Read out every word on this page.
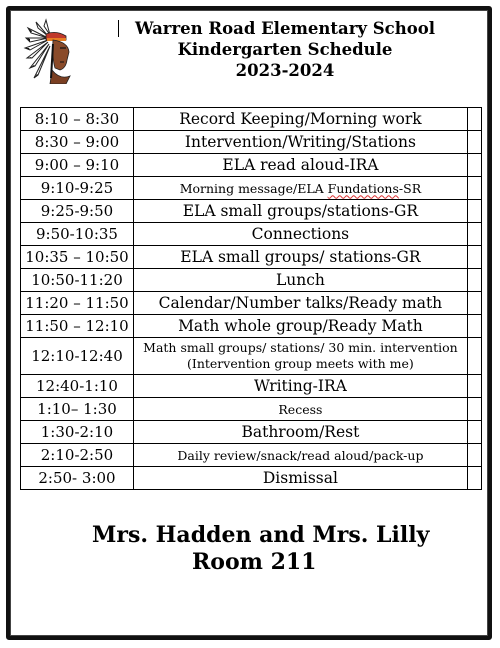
Warren Road Elementary School
Kindergarten Schedule
2023-2024
8:10 – 8:30	Record Keeping/Morning work	
8:30 – 9:00	Intervention/Writing/Stations	
9:00 – 9:10	ELA read aloud-IRA	
9:10-9:25	Morning message/ELA Fundations-SR	
9:25-9:50	ELA small groups/stations-GR	
9:50-10:35	Connections	
10:35 – 10:50	ELA small groups/ stations-GR	
10:50-11:20	Lunch	
11:20 – 11:50	Calendar/Number talks/Ready math	
11:50 – 12:10	Math whole group/Ready Math	
12:10-12:40	Math small groups/ stations/ 30 min. intervention
(Intervention group meets with me)	

12:40-1:10	Writing-IRA	
1:10– 1:30	Recess	
1:30-2:10	Bathroom/Rest	
2:10-2:50	Daily review/snack/read aloud/pack-up	
2:50- 3:00	Dismissal	
Mrs. Hadden and Mrs. Lilly
Room 211
